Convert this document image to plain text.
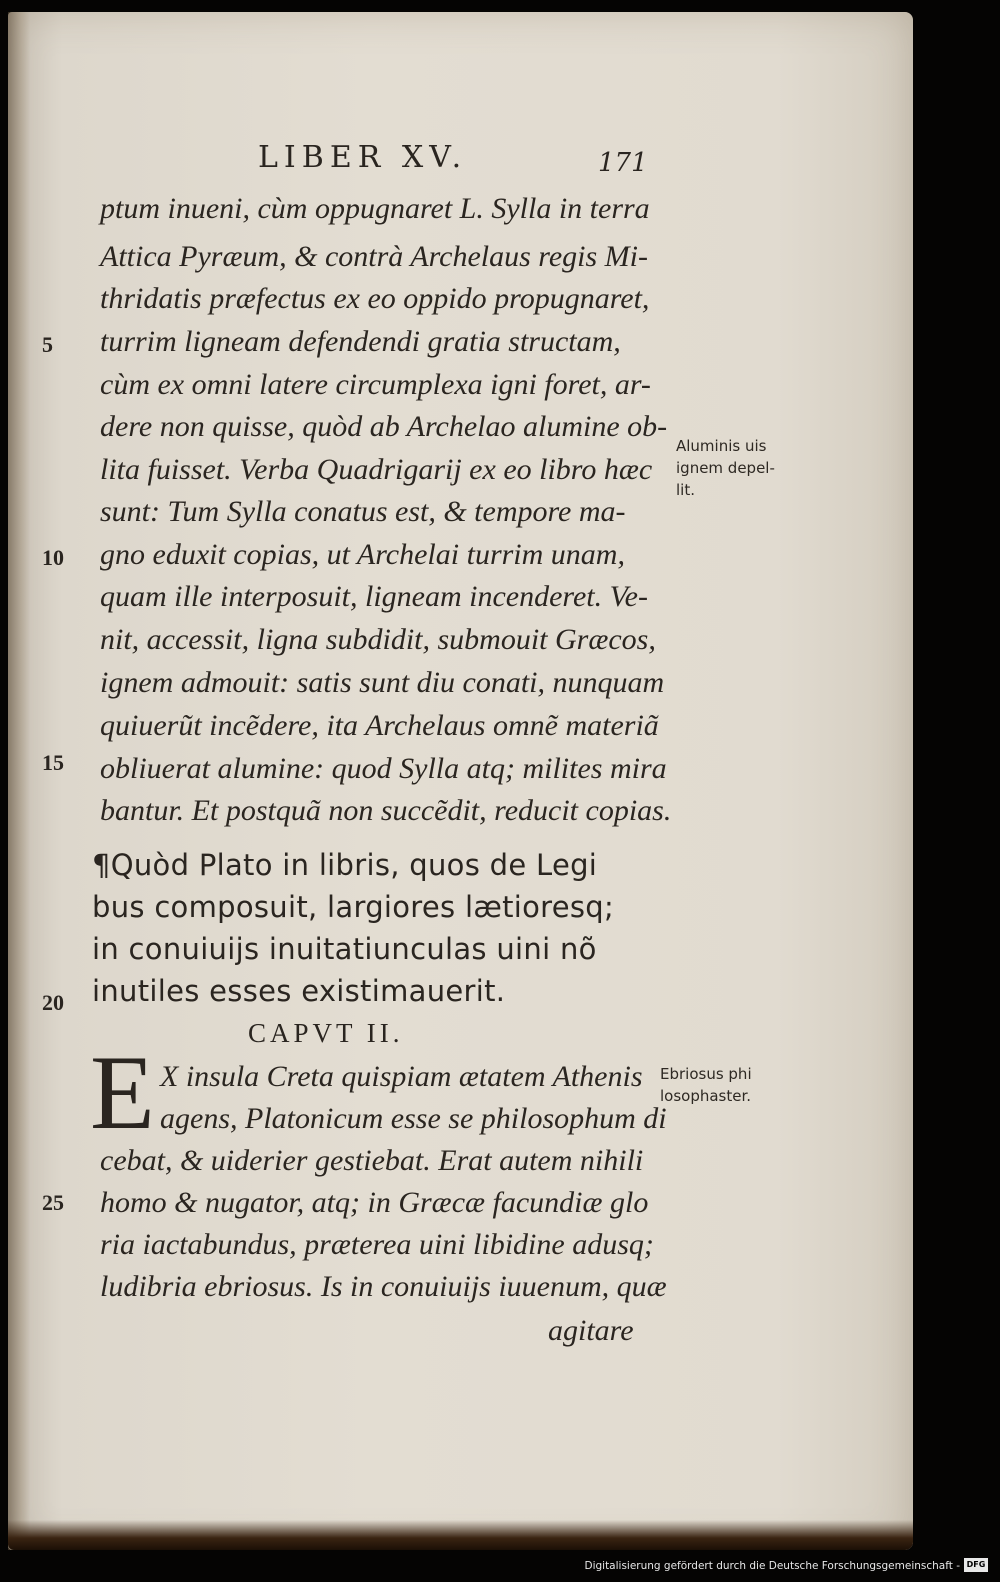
LIBER XV.	171
ptum inueni, cùm oppugnaret L. Sylla in terra
Attica Pyræum, & contrà Archelaus regis Mi-
thridatis præfectus ex eo oppido propugnaret,
turrim ligneam defendendi gratia structam,
cùm ex omni latere circumplexa igni foret, ar-
dere non quisse, quòd ab Archelao alumine ob-
lita fuisset. Verba Quadrigarij ex eo libro hæc
sunt: Tum Sylla conatus est, & tempore ma-
gno eduxit copias, ut Archelai turrim unam,
quam ille interposuit, ligneam incenderet. Ve-
nit, accessit, ligna subdidit, submouit Græcos,
ignem admouit: satis sunt diu conati, nunquam
quiuerũt incẽdere, ita Archelaus omnẽ materiã
obliuerat alumine: quod Sylla atq; milites mira
bantur. Et postquã non succẽdit, reducit copias.
¶Quòd Plato in libris, quos de Legi
bus composuit, largiores lætioresq;
in conuiuijs inuitatiunculas uini nõ
inutiles esses existimauerit.
CAPVT II.
E X insula Creta quispiam ætatem Athenis
agens, Platonicum esse se philosophum di
cebat, & uiderier gestiebat. Erat autem nihili
homo & nugator, atq; in Græcæ facundiæ glo
ria iactabundus, præterea uini libidine adusq;
ludibria ebriosus. Is in conuiuijs iuuenum, quæ
agitare
5
10
15
20
25
Aluminis uis
ignem depel-
lit.
Ebriosus phi
losophaster.
Digitalisierung gefördert durch die Deutsche Forschungsgemeinschaft - DFG
